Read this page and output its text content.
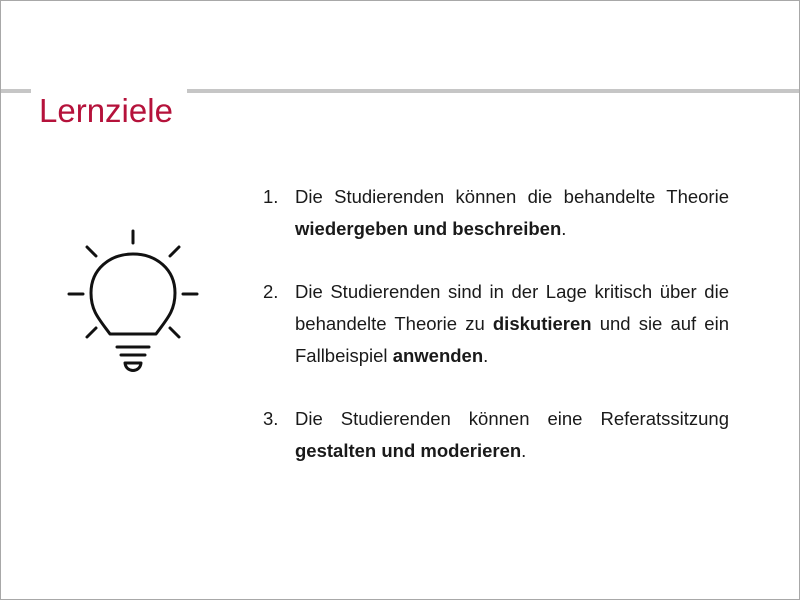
Lernziele
1. Die Studierenden können die behandelte Theorie wiedergeben und beschreiben.
2. Die Studierenden sind in der Lage kritisch über die behandelte Theorie zu diskutieren und sie auf ein Fallbeispiel anwenden.
3. Die Studierenden können eine Referatssitzung gestalten und moderieren.
